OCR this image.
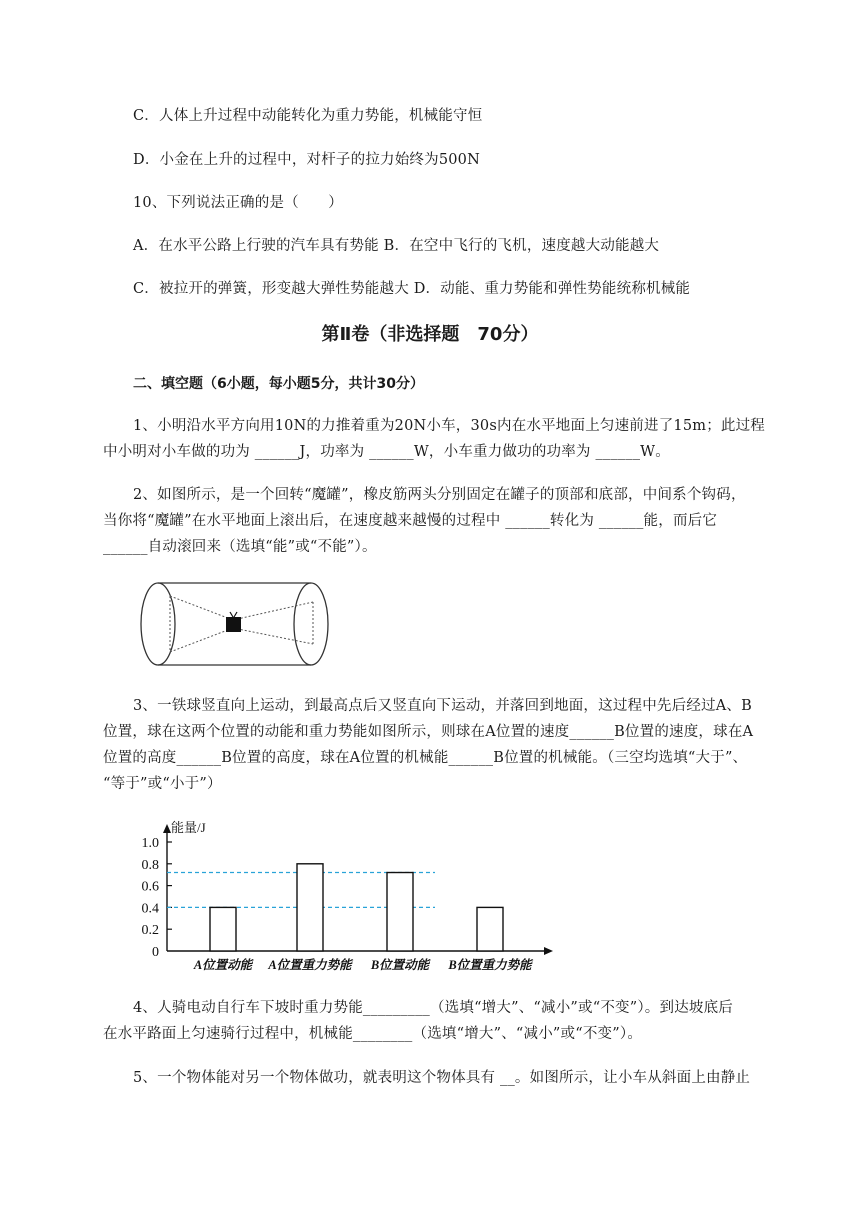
C．人体上升过程中动能转化为重力势能，机械能守恒
D．小金在上升的过程中，对杆子的拉力始终为500N
10、下列说法正确的是（　　）
A．在水平公路上行驶的汽车具有势能 B．在空中飞行的飞机，速度越大动能越大
C．被拉开的弹簧，形变越大弹性势能越大 D．动能、重力势能和弹性势能统称机械能
第Ⅱ卷（非选择题　70分）
二、填空题（6小题，每小题5分，共计30分）
1、小明沿水平方向用10N的力推着重为20N小车，30s内在水平地面上匀速前进了15m；此过程
中小明对小车做的功为 ______J，功率为 ______W，小车重力做功的功率为 ______W。
2、如图所示，是一个回转“魔罐”，橡皮筋两头分别固定在罐子的顶部和底部，中间系个钩码，
当你将“魔罐”在水平地面上滚出后，在速度越来越慢的过程中 ______转化为 ______能，而后它
______自动滚回来（选填“能”或“不能”）。
3、一铁球竖直向上运动，到最高点后又竖直向下运动，并落回到地面，这过程中先后经过A、B
位置，球在这两个位置的动能和重力势能如图所示，则球在A位置的速度______B位置的速度，球在A
位置的高度______B位置的高度，球在A位置的机械能______B位置的机械能。（三空均选填“大于”、
“等于”或“小于”）
能量/J
0
0.2
0.4
0.6
0.8
1.0
A位置动能 A位置重力势能 B位置动能 B位置重力势能
4、人骑电动自行车下坡时重力势能_________（选填“增大”、“减小”或“不变”）。到达坡底后
在水平路面上匀速骑行过程中，机械能________（选填“增大”、“减小”或“不变”）。
5、一个物体能对另一个物体做功，就表明这个物体具有 __。如图所示，让小车从斜面上由静止
